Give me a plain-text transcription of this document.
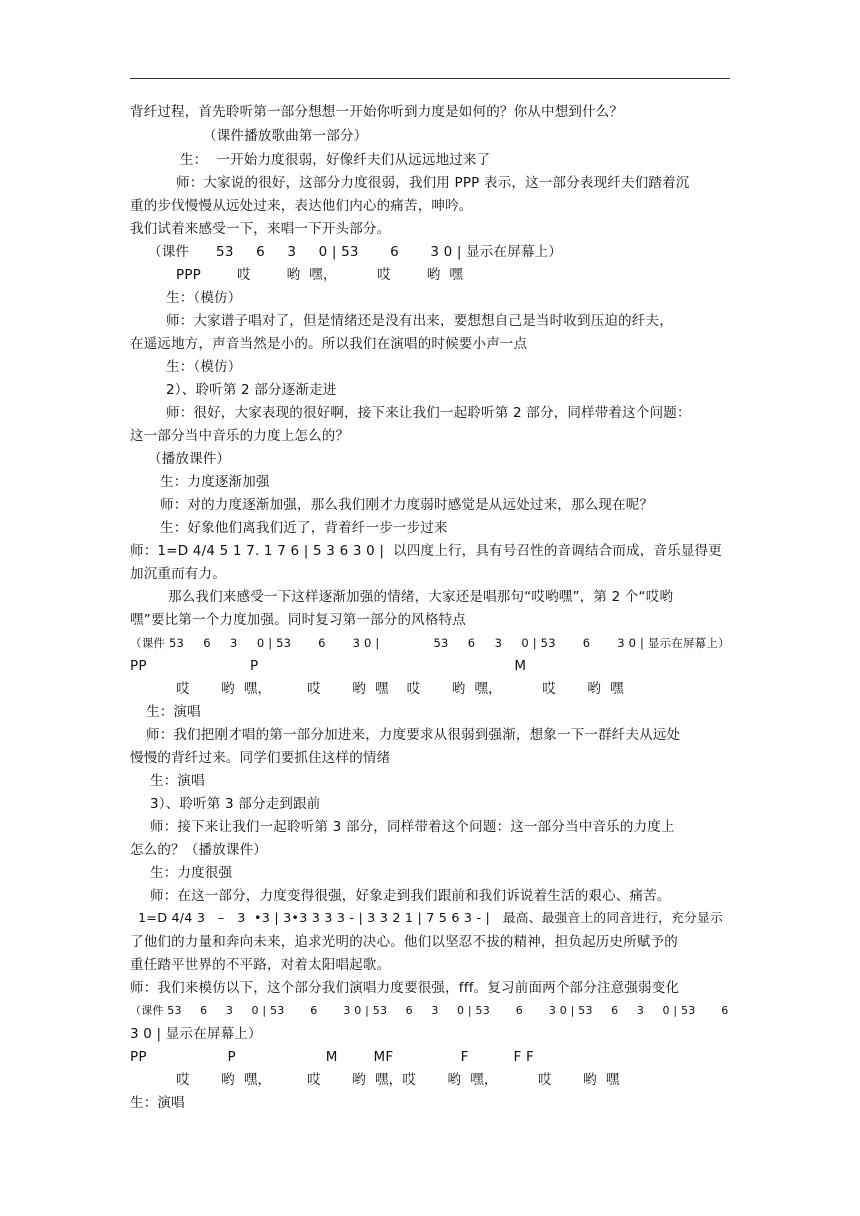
背纤过程，首先聆听第一部分想想一开始你听到力度是如何的？你从中想到什么？
（课件播放歌曲第一部分）
生：  一开始力度很弱，好像纤夫们从远远地过来了
师：大家说的很好，这部分力度很弱，我们用 PPP 表示，这一部分表现纤夫们踏着沉
重的步伐慢慢从远处过来，表达他们内心的痛苦，呻吟。
我们试着来感受一下，来唱一下开头部分。
（课件      53     6     3     0 | 53       6       3 0 | 显示在屏幕上）
PPP        哎        哟  嘿，         哎        哟  嘿
生：（模仿）
师：大家谱子唱对了，但是情绪还是没有出来，要想想自己是当时收到压迫的纤夫，
在遥远地方，声音当然是小的。所以我们在演唱的时候要小声一点
生：（模仿）
2）、聆听第 2 部分逐渐走进
师：很好，大家表现的很好啊，接下来让我们一起聆听第 2 部分，同样带着这个问题：
这一部分当中音乐的力度上怎么的？
（播放课件）
生：力度逐渐加强
师：对的力度逐渐加强，那么我们刚才力度弱时感觉是从远处过来，那么现在呢？
生：好象他们离我们近了，背着纤一步一步过来
师：1=D 4/4 5 1 7. 1 7 6 | 5 3 6 3 0 |  以四度上行，具有号召性的音调结合而成，音乐显得更
加沉重而有力。
那么我们来感受一下这样逐渐加强的情绪，大家还是唱那句“哎哟嘿”，第 2 个“哎哟
嘿”要比第一个力度加强。同时复习第一部分的风格特点
（课件 53     6     3     0 | 53       6       3 0 |              53     6     3     0 | 53       6       3 0 | 显示在屏幕上）
PP                       P                                                         M
哎       哟  嘿，        哎       哟  嘿    哎       哟  嘿，         哎       哟  嘿
生：演唱
师：我们把刚才唱的第一部分加进来，力度要求从很弱到强渐，想象一下一群纤夫从远处
慢慢的背纤过来。同学们要抓住这样的情绪
生：演唱
3）、聆听第 3 部分走到跟前
师：接下来让我们一起聆听第 3 部分，同样带着这个问题：这一部分当中音乐的力度上
怎么的？（播放课件）
生：力度很强
师：在这一部分，力度变得很强，好象走到我们跟前和我们诉说着生活的艰心、痛苦。
1=D 4/4 3   –   3  •3 | 3•3 3 3 3 - | 3 3 2 1 | 7 5 6 3 - |   最高、最强音上的同音进行，充分显示
了他们的力量和奔向未来，追求光明的决心。他们以坚忍不拔的精神，担负起历史所赋予的
重任踏平世界的不平路，对着太阳唱起歌。
师：我们来模仿以下，这个部分我们演唱力度要很强，fff。复习前面两个部分注意强弱变化
（课件 53     6     3     0 | 53       6       3 0 | 53     6     3     0 | 53       6       3 0 | 53     6     3     0 | 53       6
3 0 | 显示在屏幕上）
PP                  P                    M        MF               F          F F
哎       哟  嘿，        哎       哟  嘿，哎       哟  嘿，         哎       哟  嘿
生：演唱
